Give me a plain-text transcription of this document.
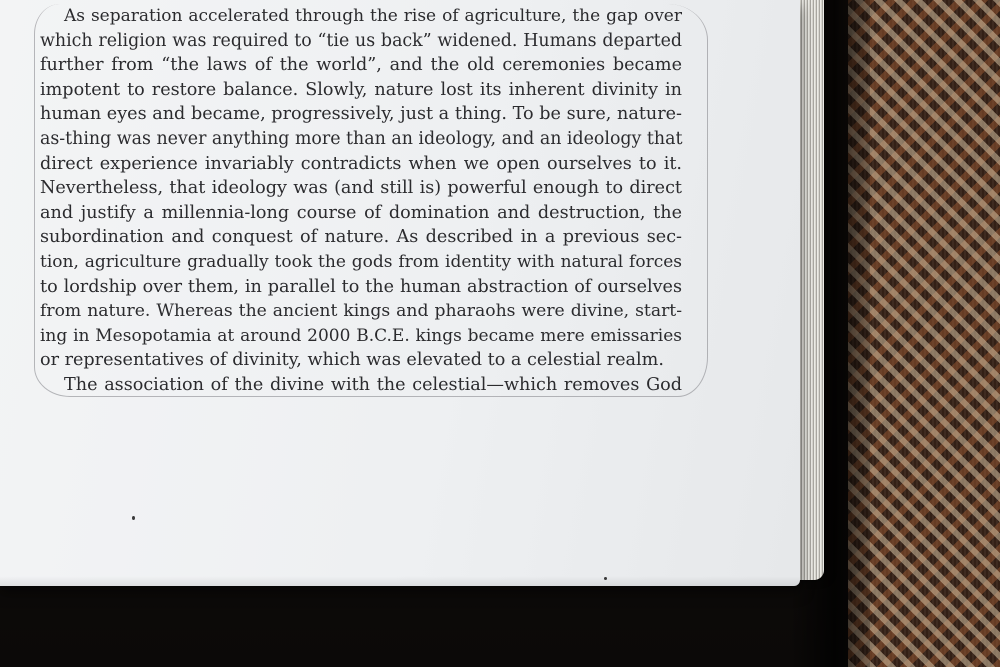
As separation accelerated through the rise of agriculture, the gap over
which religion was required to “tie us back” widened. Humans departed
further from “the laws of the world”, and the old ceremonies became
impotent to restore balance. Slowly, nature lost its inherent divinity in
human eyes and became, progressively, just a thing. To be sure, nature-
as-thing was never anything more than an ideology, and an ideology that
direct experience invariably contradicts when we open ourselves to it.
Nevertheless, that ideology was (and still is) powerful enough to direct
and justify a millennia-long course of domination and destruction, the
subordination and conquest of nature. As described in a previous sec-
tion, agriculture gradually took the gods from identity with natural forces
to lordship over them, in parallel to the human abstraction of ourselves
from nature. Whereas the ancient kings and pharaohs were divine, start-
ing in Mesopotamia at around 2000 B.C.E. kings became mere emissaries
or representatives of divinity, which was elevated to a celestial realm.
The association of the divine with the celestial—which removes God
